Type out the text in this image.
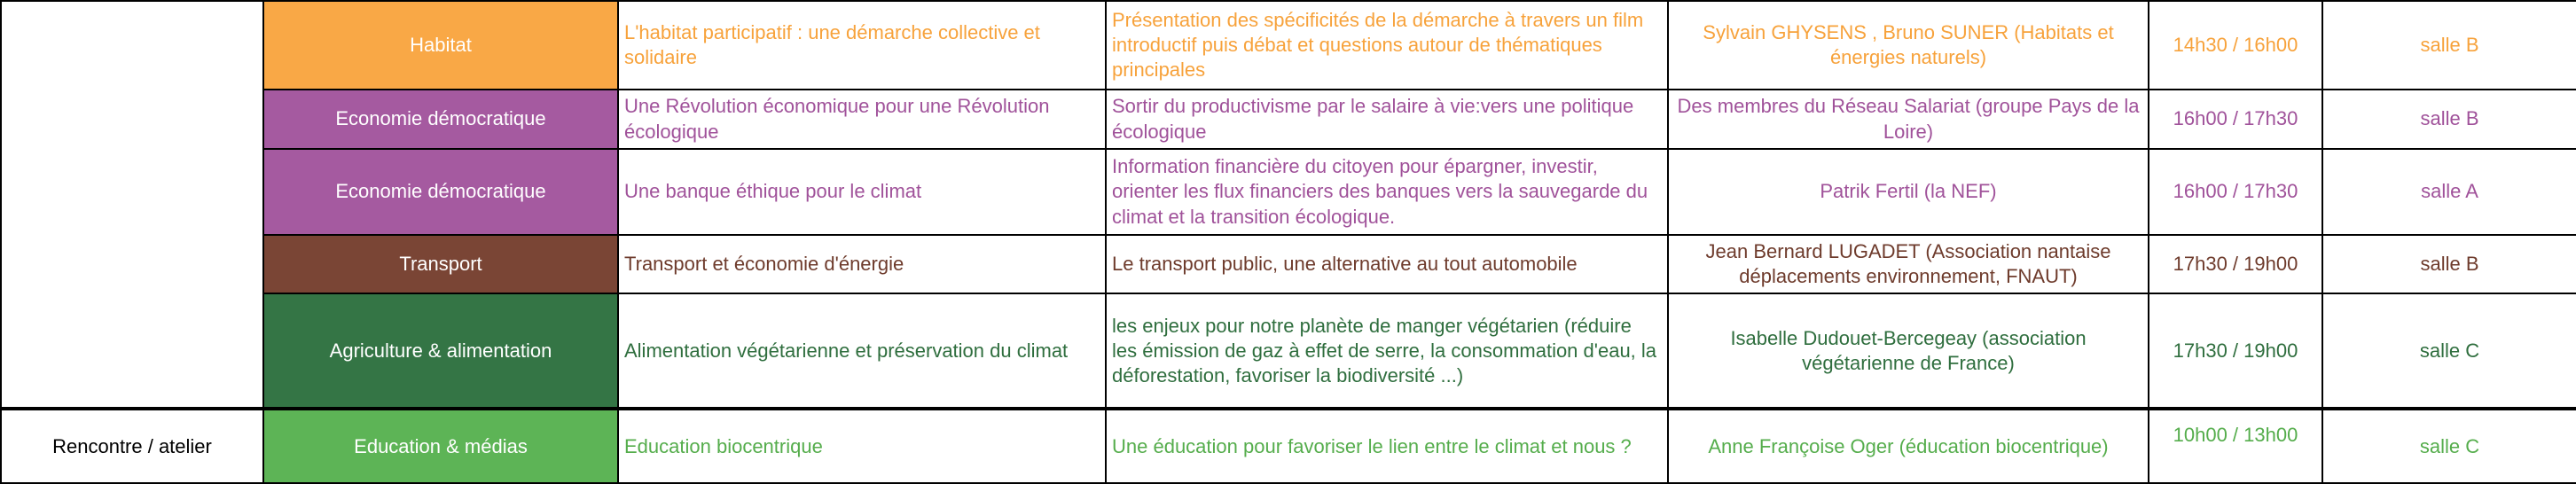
	Habitat	L'habitat participatif : une démarche collective et solidaire	Présentation des spécificités de la démarche à travers un film introductif puis débat et questions autour de thématiques principales	Sylvain GHYSENS , Bruno SUNER (Habitats et énergies naturels)	14h30 / 16h00	salle B
	Economie démocratique	Une Révolution économique pour une Révolution écologique	Sortir du productivisme par le salaire à vie:vers une politique écologique	Des membres du Réseau Salariat (groupe Pays de la Loire)	16h00 / 17h30	salle B
	Economie démocratique	Une banque éthique pour le climat	Information financière du citoyen pour épargner, investir, orienter les flux financiers des banques vers la sauvegarde du climat et la transition écologique.	Patrik Fertil (la NEF)	16h00 / 17h30	salle A
	Transport	Transport et économie d'énergie	Le transport public, une alternative au tout automobile	Jean Bernard LUGADET (Association nantaise déplacements environnement, FNAUT)	17h30 / 19h00	salle B
	Agriculture & alimentation	Alimentation végétarienne et préservation du climat	les enjeux pour notre planète de manger végétarien (réduire les émission de gaz à effet de serre, la consommation d'eau, la déforestation, favoriser la biodiversité ...)	Isabelle Dudouet-Bercegeay (association végétarienne de France)	17h30 / 19h00	salle C
Rencontre / atelier	Education & médias	Education biocentrique	Une éducation pour favoriser le lien entre le climat et nous ?	Anne Françoise Oger (éducation biocentrique)	10h00 / 13h00	salle C
